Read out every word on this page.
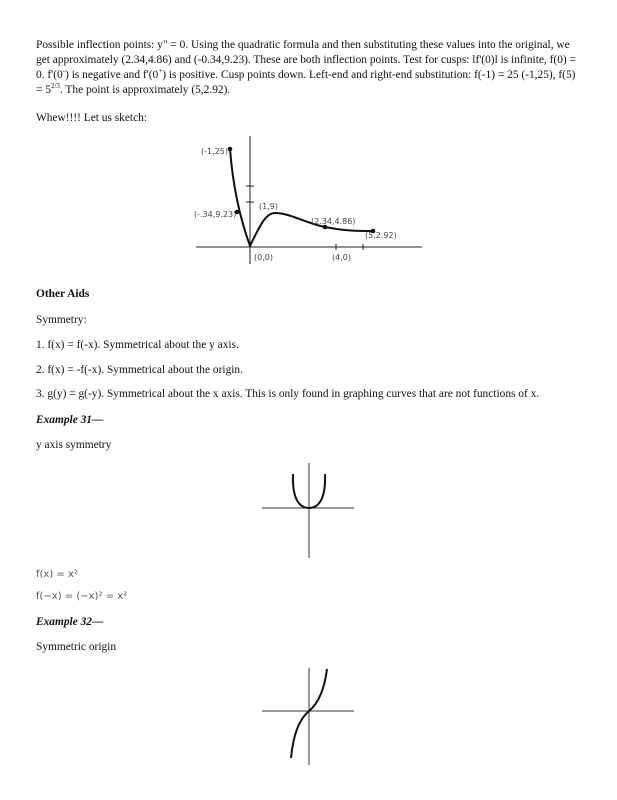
Possible inflection points: y" = 0. Using the quadratic formula and then substituting these values into the original, we get approximately (2.34,4.86) and (-0.34,9.23). These are both inflection points. Test for cusps: lf'(0)l is infinite, f(0) = 0. f'(0-) is negative and f'(0+) is positive. Cusp points down. Left-end and right-end substitution: f(-1) = 25 (-1,25), $f(5) = 5^{2/3}$. The point is approximately (5,2.92).
Whew!!!! Let us sketch:
(-1,25)
(-.34,9.23)
(1,9)
(2.34,4.86)
(5,2.92)
(0,0)	(4,0)
Other Aids
Symmetry:
1. f(x) = f(-x). Symmetrical about the y axis.
2. f(x) = -f(-x). Symmetrical about the origin.
3. g(y) = g(-y). Symmetrical about the x axis. This is only found in graphing curves that are not functions of x.
Example 31—
y axis symmetry
f(x) = x²
f(−x) = (−x)² = x²
Example 32—
Symmetric origin
